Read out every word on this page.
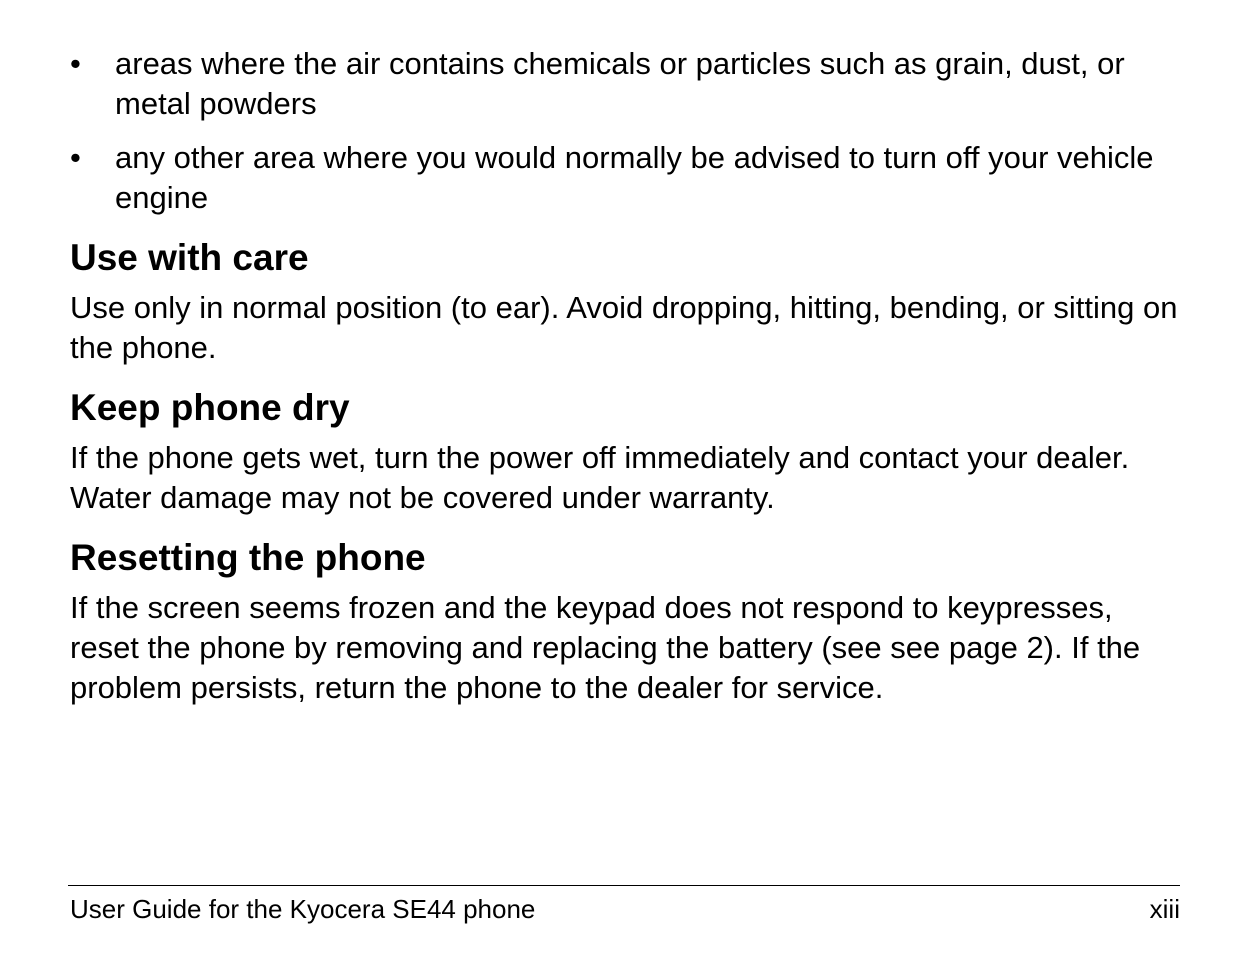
• areas where the air contains chemicals or particles such as grain, dust, or metal powders
• any other area where you would normally be advised to turn off your vehicle engine
Use with care

Use only in normal position (to ear). Avoid dropping, hitting, bending, or sitting on the phone.

Keep phone dry

If the phone gets wet, turn the power off immediately and contact your dealer. Water damage may not be covered under warranty.

Resetting the phone

If the screen seems frozen and the keypad does not respond to keypresses, reset the phone by removing and replacing the battery (see see page 2). If the problem persists, return the phone to the dealer for service.

User Guide for the Kyocera SE44 phone	xiii
